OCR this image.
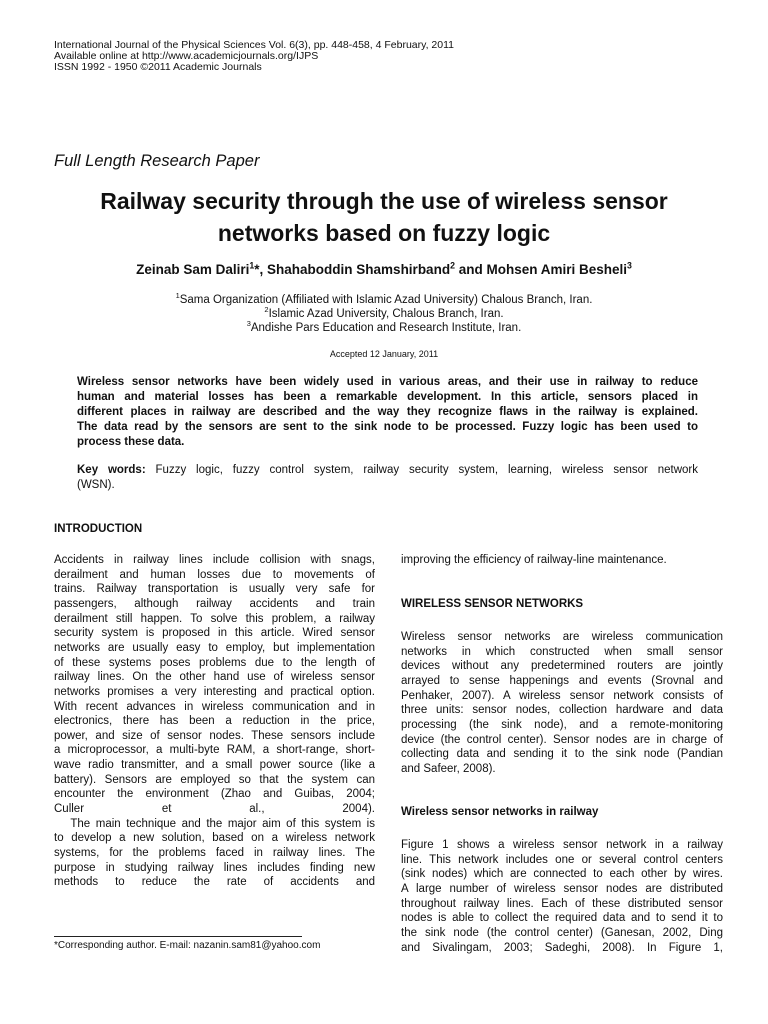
International Journal of the Physical Sciences Vol. 6(3), pp. 448-458, 4 February, 2011
Available online at http://www.academicjournals.org/IJPS
ISSN 1992 - 1950 ©2011 Academic Journals
Full Length Research Paper
Railway security through the use of wireless sensor
networks based on fuzzy logic
Zeinab Sam Daliri$^1$*, Shahaboddin Shamshirband$^2$ and Mohsen Amiri Besheli$^3$
$^1$Sama Organization (Affiliated with Islamic Azad University) Chalous Branch, Iran.
$^2$Islamic Azad University, Chalous Branch, Iran.
$^3$Andishe Pars Education and Research Institute, Iran.
Accepted 12 January, 2011
Wireless sensor networks have been widely used in various areas, and their use in railway to reduce
human and material losses has been a remarkable development. In this article, sensors placed in
different places in railway are described and the way they recognize flaws in the railway is explained.
The data read by the sensors are sent to the sink node to be processed. Fuzzy logic has been used to
process these data.
Key words: Fuzzy logic, fuzzy control system, railway security system, learning, wireless sensor network
(WSN).
INTRODUCTION
Accidents in railway lines include collision with snags,
derailment and human losses due to movements of
trains. Railway transportation is usually very safe for
passengers, although railway accidents and train
derailment still happen. To solve this problem, a railway
security system is proposed in this article. Wired sensor
networks are usually easy to employ, but implementation
of these systems poses problems due to the length of
railway lines. On the other hand use of wireless sensor
networks promises a very interesting and practical option.
With recent advances in wireless communication and in
electronics, there has been a reduction in the price,
power, and size of sensor nodes. These sensors include
a microprocessor, a multi-byte RAM, a short-range, short-
wave radio transmitter, and a small power source (like a
battery). Sensors are employed so that the system can
encounter the environment (Zhao and Guibas, 2004;
Culler et al., 2004).
The main technique and the major aim of this system is
to develop a new solution, based on a wireless network
systems, for the problems faced in railway lines. The
purpose in studying railway lines includes finding new
methods to reduce the rate of accidents and
improving the efficiency of railway-line maintenance.
WIRELESS SENSOR NETWORKS
Wireless sensor networks are wireless communication
networks in which constructed when small sensor
devices without any predetermined routers are jointly
arrayed to sense happenings and events (Srovnal and
Penhaker, 2007). A wireless sensor network consists of
three units: sensor nodes, collection hardware and data
processing (the sink node), and a remote-monitoring
device (the control center). Sensor nodes are in charge of
collecting data and sending it to the sink node (Pandian
and Safeer, 2008).
Wireless sensor networks in railway
Figure 1 shows a wireless sensor network in a railway
line. This network includes one or several control centers
(sink nodes) which are connected to each other by wires.
A large number of wireless sensor nodes are distributed
throughout railway lines. Each of these distributed sensor
nodes is able to collect the required data and to send it to
the sink node (the control center) (Ganesan, 2002, Ding
and Sivalingam, 2003; Sadeghi, 2008). In Figure 1,
*Corresponding author. E-mail: nazanin.sam81@yahoo.com
